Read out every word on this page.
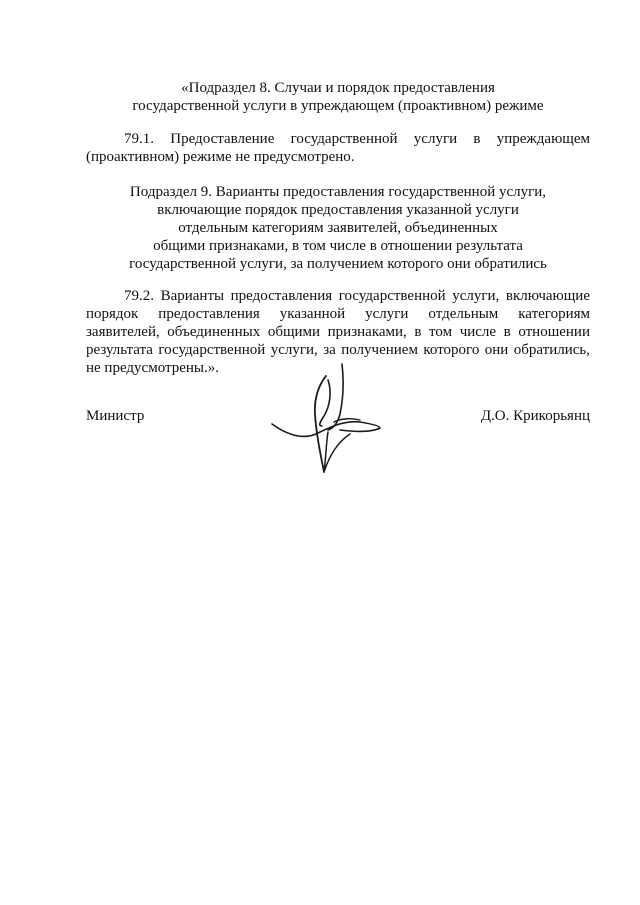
«Подраздел 8. Случаи и порядок предоставления
государственной услуги в упреждающем (проактивном) режиме
79.1. Предоставление государственной услуги в упреждающем
(проактивном) режиме не предусмотрено.
Подраздел 9. Варианты предоставления государственной услуги,
включающие порядок предоставления указанной услуги
отдельным категориям заявителей, объединенных
общими признаками, в том числе в отношении результата
государственной услуги, за получением которого они обратились
79.2. Варианты предоставления государственной услуги, включающие
порядок предоставления указанной услуги отдельным категориям
заявителей, объединенных общими признаками, в том числе в отношении
результата государственной услуги, за получением которого они обратились,
не предусмотрены.».
Министр	Д.О. Крикорьянц
